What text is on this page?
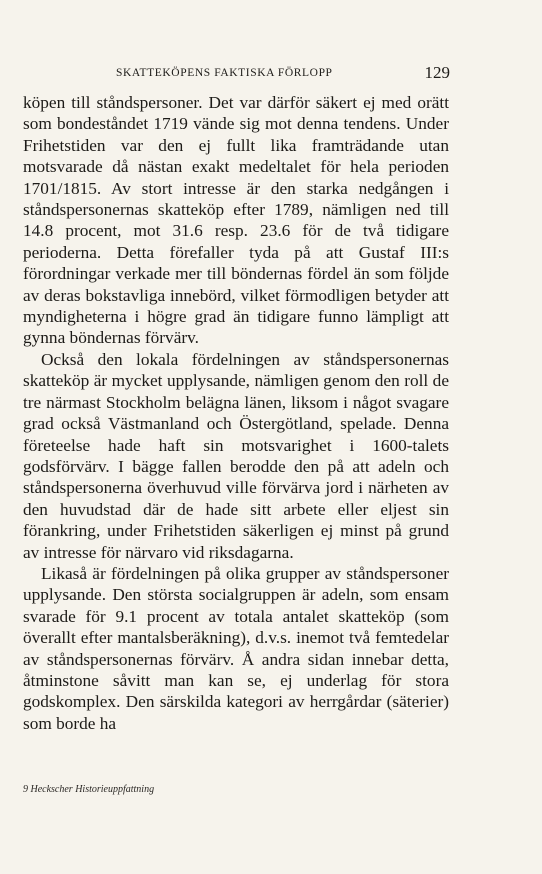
SKATTEKÖPENS FAKTISKA FÖRLOPP	129

köpen till ståndspersoner. Det var därför säkert ej med orätt som bondeståndet 1719 vände sig mot denna tendens. Under Frihetstiden var den ej fullt lika framträdande utan motsvarade då nästan exakt medeltalet för hela perioden 1701/1815. Av stort intresse är den starka nedgången i ståndspersonernas skatteköp efter 1789, nämligen ned till 14.8 procent, mot 31.6 resp. 23.6 för de två tidigare perioderna. Detta förefaller tyda på att Gustaf III:s förordningar verkade mer till böndernas fördel än som följde av deras bokstavliga innebörd, vilket förmodligen betyder att myndigheterna i högre grad än tidigare funno lämpligt att gynna böndernas förvärv.

Också den lokala fördelningen av ståndspersonernas skatteköp är mycket upplysande, nämligen genom den roll de tre närmast Stockholm belägna länen, liksom i något svagare grad också Västmanland och Östergötland, spelade. Denna företeelse hade haft sin motsvarighet i 1600-talets godsförvärv. I bägge fallen berodde den på att adeln och ståndspersonerna överhuvud ville förvärva jord i närheten av den huvudstad där de hade sitt arbete eller eljest sin förankring, under Frihetstiden säkerligen ej minst på grund av intresse för närvaro vid riksdagarna.

Likaså är fördelningen på olika grupper av ståndspersoner upplysande. Den största socialgruppen är adeln, som ensam svarade för 9.1 procent av totala antalet skatteköp (som överallt efter mantalsberäkning), d.v.s. inemot två femtedelar av ståndspersonernas förvärv. Å andra sidan innebar detta, åtminstone såvitt man kan se, ej underlag för stora godskomplex. Den särskilda kategori av herrgårdar (säterier) som borde ha

9 Heckscher Historieuppfattning
